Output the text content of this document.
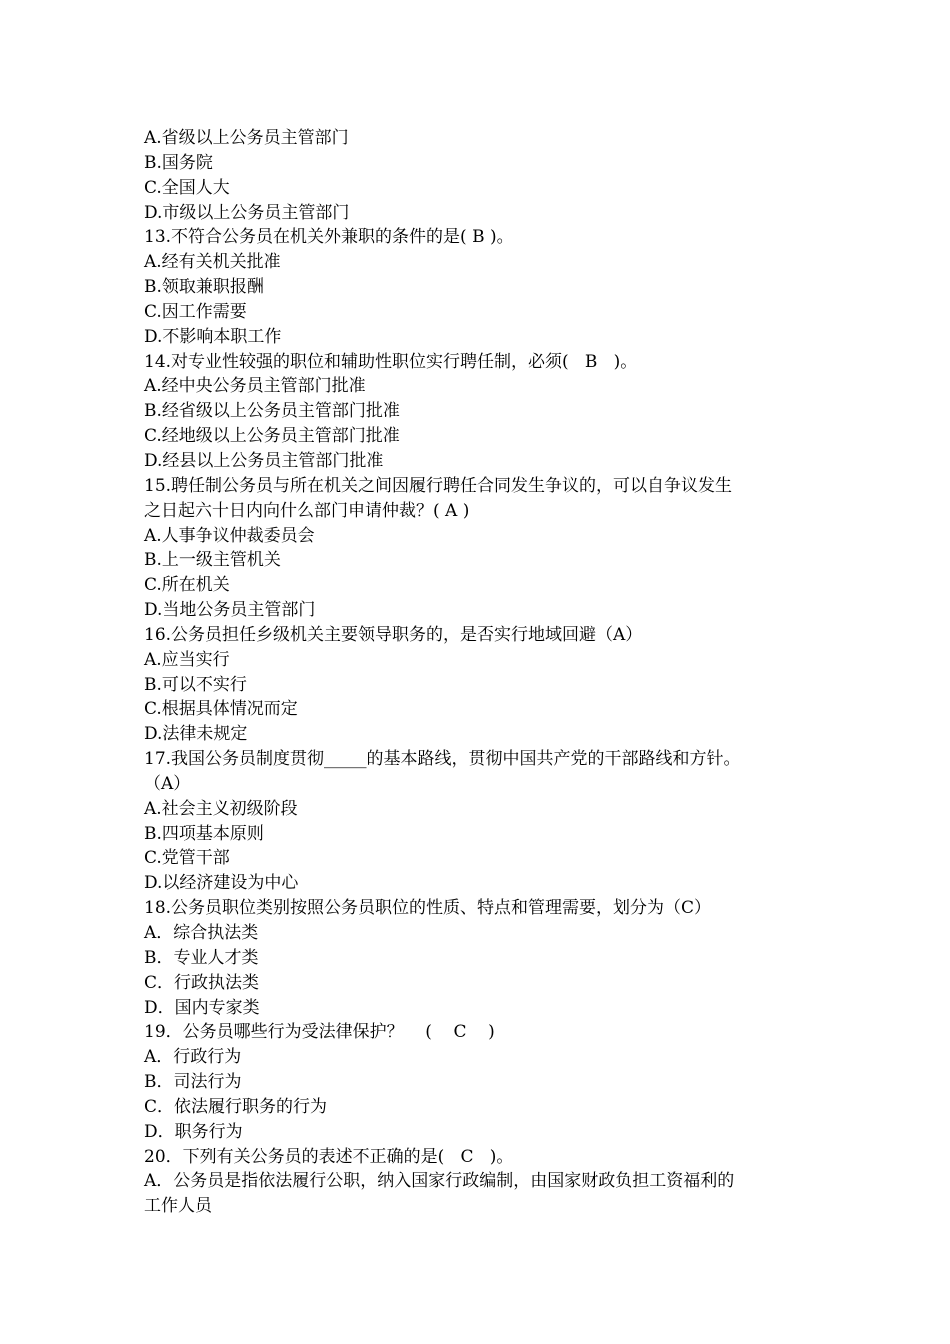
A.省级以上公务员主管部门
B.国务院
C.全国人大
D.市级以上公务员主管部门
13.不符合公务员在机关外兼职的条件的是( B )。
A.经有关机关批准
B.领取兼职报酬
C.因工作需要
D.不影响本职工作
14.对专业性较强的职位和辅助性职位实行聘任制，必须(   B   )。
A.经中央公务员主管部门批准
B.经省级以上公务员主管部门批准
C.经地级以上公务员主管部门批准
D.经县以上公务员主管部门批准
15.聘任制公务员与所在机关之间因履行聘任合同发生争议的，可以自争议发生
之日起六十日内向什么部门申请仲裁？( A )
A.人事争议仲裁委员会
B.上一级主管机关
C.所在机关
D.当地公务员主管部门
16.公务员担任乡级机关主要领导职务的，是否实行地域回避（A）
A.应当实行
B.可以不实行
C.根据具体情况而定
D.法律未规定
17.我国公务员制度贯彻_____的基本路线，贯彻中国共产党的干部路线和方针。
（A）
A.社会主义初级阶段
B.四项基本原则
C.党管干部
D.以经济建设为中心
18.公务员职位类别按照公务员职位的性质、特点和管理需要，划分为（C）
A．综合执法类
B．专业人才类
C．行政执法类
D．国内专家类
19．公务员哪些行为受法律保护？    (    C    )
A．行政行为
B．司法行为
C．依法履行职务的行为
D．职务行为
20．下列有关公务员的表述不正确的是(   C   )。
A．公务员是指依法履行公职，纳入国家行政编制，由国家财政负担工资福利的
工作人员
